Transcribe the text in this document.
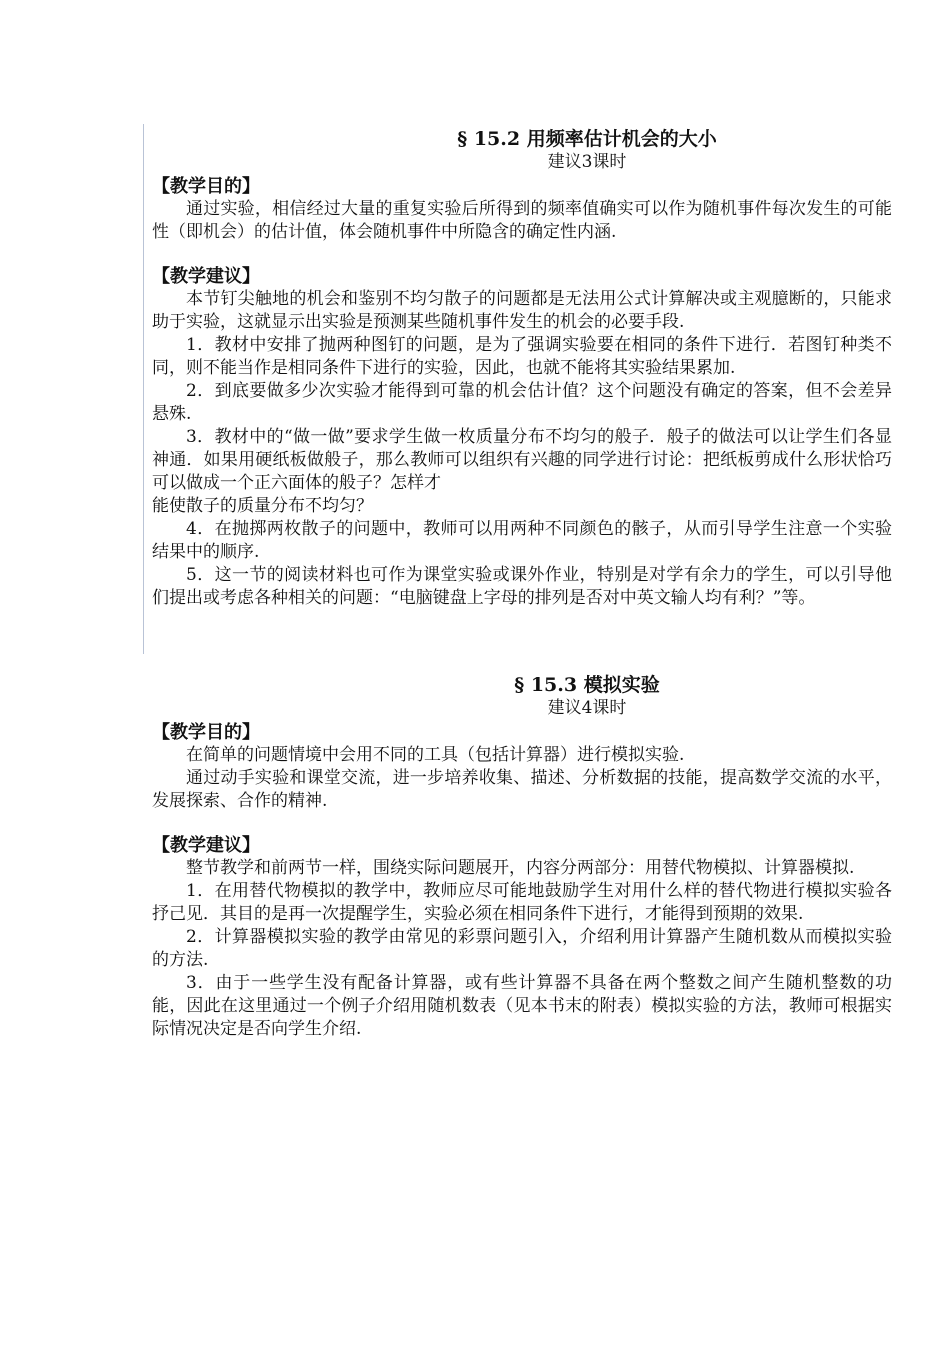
§ 15.2 用频率估计机会的大小

建议3课时

【教学目的】

通过实验，相信经过大量的重复实验后所得到的频率值确实可以作为随机事件每次发生的可能性（即机会）的估计值，体会随机事件中所隐含的确定性内涵.

【教学建议】

本节钉尖触地的机会和鉴别不均匀散子的问题都是无法用公式计算解决或主观臆断的，只能求助于实验，这就显示出实验是预测某些随机事件发生的机会的必要手段.

1．教材中安排了抛两种图钉的问题，是为了强调实验要在相同的条件下进行．若图钉种类不同，则不能当作是相同条件下进行的实验，因此，也就不能将其实验结果累加.

2．到底要做多少次实验才能得到可靠的机会估计值？这个问题没有确定的答案，但不会差异悬殊.

3．教材中的“做一做”要求学生做一枚质量分布不均匀的般子．般子的做法可以让学生们各显神通．如果用硬纸板做般子，那么教师可以组织有兴趣的同学进行讨论：把纸板剪成什么形状恰巧可以做成一个正六面体的般子？怎样才

能使散子的质量分布不均匀？

4．在抛掷两枚散子的问题中，教师可以用两种不同颜色的骸子，从而引导学生注意一个实验结果中的顺序.

5．这一节的阅读材料也可作为课堂实验或课外作业，特别是对学有余力的学生，可以引导他们提出或考虑各种相关的问题：“电脑键盘上字母的排列是否对中英文输人均有利？”等。

§ 15.3 模拟实验

建议4课时

【教学目的】

在简单的问题情境中会用不同的工具（包括计算器）进行模拟实验.

通过动手实验和课堂交流，进一步培养收集、描述、分析数据的技能，提高数学交流的水平，发展探索、合作的精神.

【教学建议】

整节教学和前两节一样，围绕实际问题展开，内容分两部分：用替代物模拟、计算器模拟.

1．在用替代物模拟的教学中，教师应尽可能地鼓励学生对用什么样的替代物进行模拟实验各抒己见．其目的是再一次提醒学生，实验必须在相同条件下进行，才能得到预期的效果.

2．计算器模拟实验的教学由常见的彩票问题引入，介绍利用计算器产生随机数从而模拟实验的方法.

3．由于一些学生没有配备计算器，或有些计算器不具备在两个整数之间产生随机整数的功能，因此在这里通过一个例子介绍用随机数表（见本书末的附表）模拟实验的方法，教师可根据实际情况决定是否向学生介绍.
